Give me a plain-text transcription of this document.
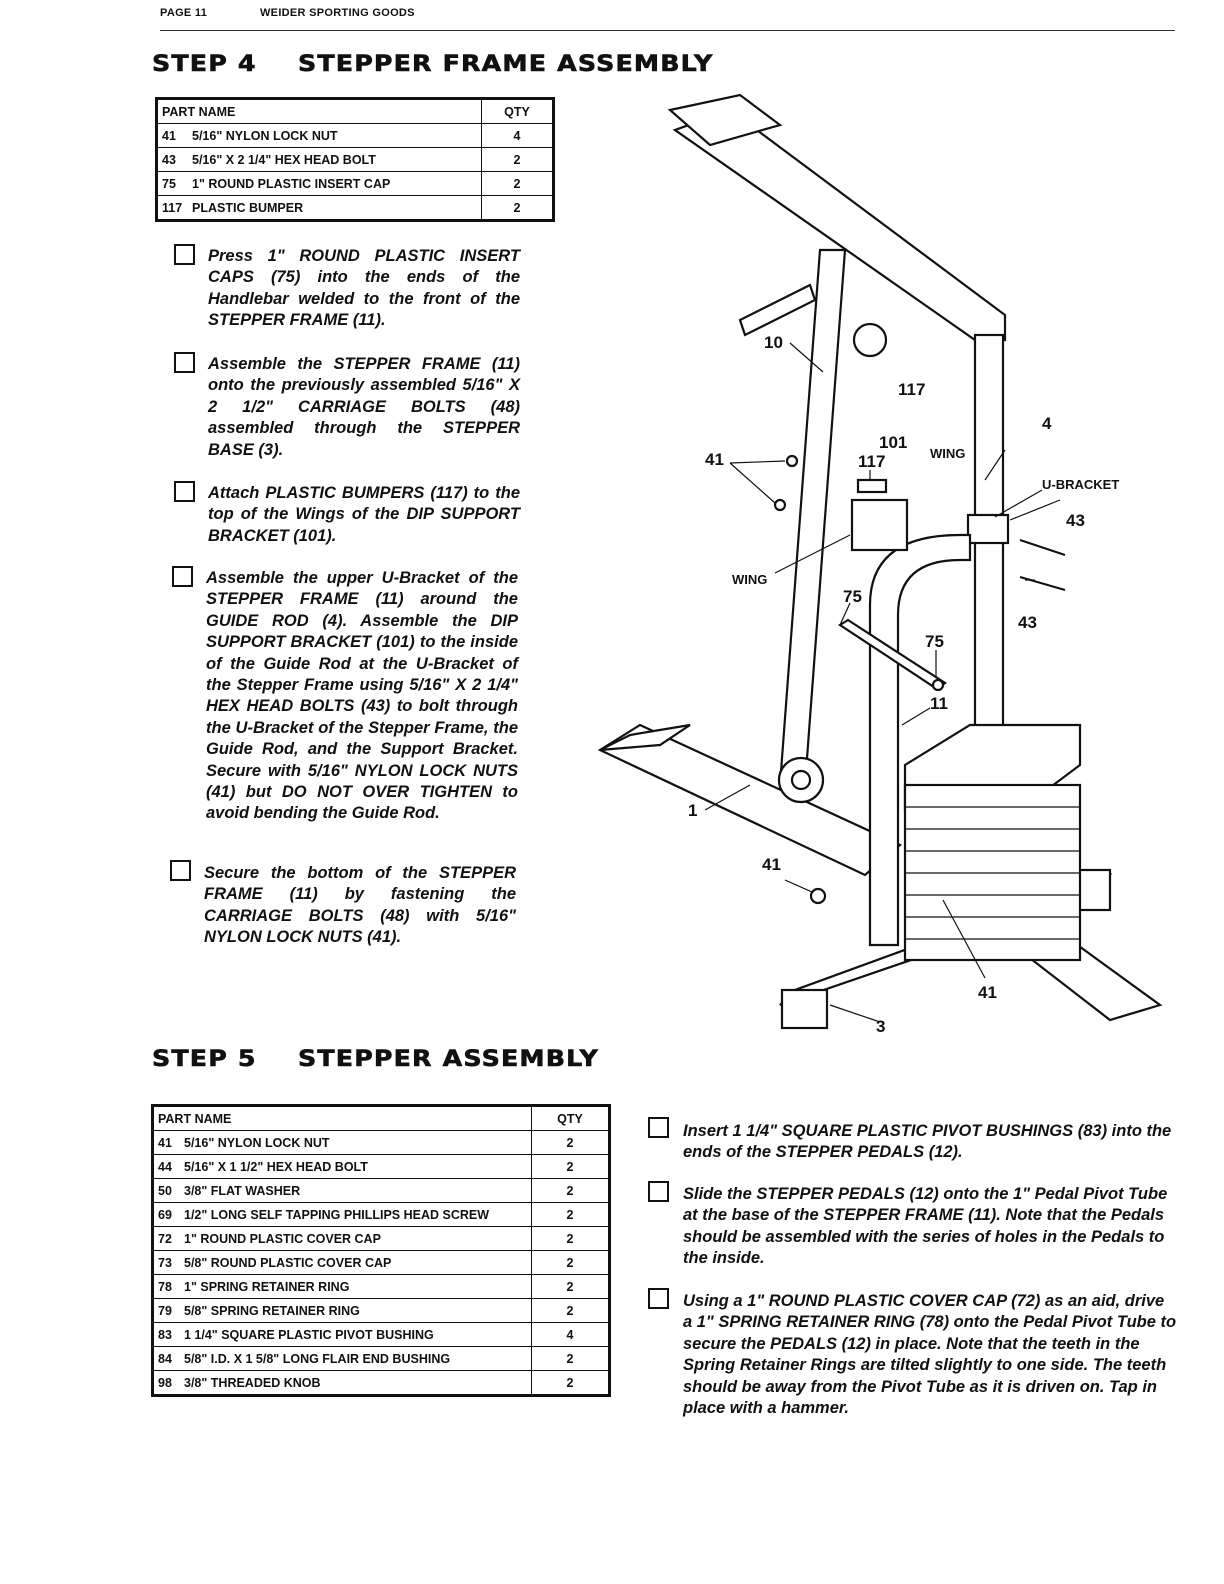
PAGE 11	WEIDER SPORTING GOODS
STEP 4 STEPPER FRAME ASSEMBLY
PART NAME		QTY
41	5/16" NYLON LOCK NUT	4
43	5/16" X 2 1/4" HEX HEAD BOLT	2
75	1" ROUND PLASTIC INSERT CAP	2
117	PLASTIC BUMPER	2
Press 1" ROUND PLASTIC INSERT CAPS (75) into the ends of the Handlebar welded to the front of the STEPPER FRAME (11).
Assemble the STEPPER FRAME (11) onto the previously assembled 5/16" X 2 1/2" CARRIAGE BOLTS (48) assembled through the STEPPER BASE (3).
Attach PLASTIC BUMPERS (117) to the top of the Wings of the DIP SUPPORT BRACKET (101).
Assemble the upper U-Bracket of the STEPPER FRAME (11) around the GUIDE ROD (4). Assemble the DIP SUPPORT BRACKET (101) to the inside of the Guide Rod at the U-Bracket of the Stepper Frame using 5/16" X 2 1/4" HEX HEAD BOLTS (43) to bolt through the U-Bracket of the Stepper Frame, the Guide Rod, and the Support Bracket. Secure with 5/16" NYLON LOCK NUTS (41) but DO NOT OVER TIGHTEN to avoid bending the Guide Rod.
Secure the bottom of the STEPPER FRAME (11) by fastening the CARRIAGE BOLTS (48) with 5/16" NYLON LOCK NUTS (41).
10
117
4
101
117	WING
41
U-BRACKET
43
WING
75
43
75
11
1
41
41
3
STEP 5 STEPPER ASSEMBLY
PART NAME		QTY
41	5/16" NYLON LOCK NUT	2
44	5/16" X 1 1/2" HEX HEAD BOLT	2
50	3/8" FLAT WASHER	2
69	1/2" LONG SELF TAPPING PHILLIPS HEAD SCREW	2
72	1" ROUND PLASTIC COVER CAP	2
73	5/8" ROUND PLASTIC COVER CAP	2
78	1" SPRING RETAINER RING	2
79	5/8" SPRING RETAINER RING	2
83	1 1/4" SQUARE PLASTIC PIVOT BUSHING	4
84	5/8" I.D. X 1 5/8" LONG FLAIR END BUSHING	2
98	3/8" THREADED KNOB	2
Insert 1 1/4" SQUARE PLASTIC PIVOT BUSHINGS (83) into the ends of the STEPPER PEDALS (12).
Slide the STEPPER PEDALS (12) onto the 1" Pedal Pivot Tube at the base of the STEPPER FRAME (11). Note that the Pedals should be assembled with the series of holes in the Pedals to the inside.
Using a 1" ROUND PLASTIC COVER CAP (72) as an aid, drive a 1" SPRING RETAINER RING (78) onto the Pedal Pivot Tube to secure the PEDALS (12) in place. Note that the teeth in the Spring Retainer Rings are tilted slightly to one side. The teeth should be away from the Pivot Tube as it is driven on. Tap in place with a hammer.
